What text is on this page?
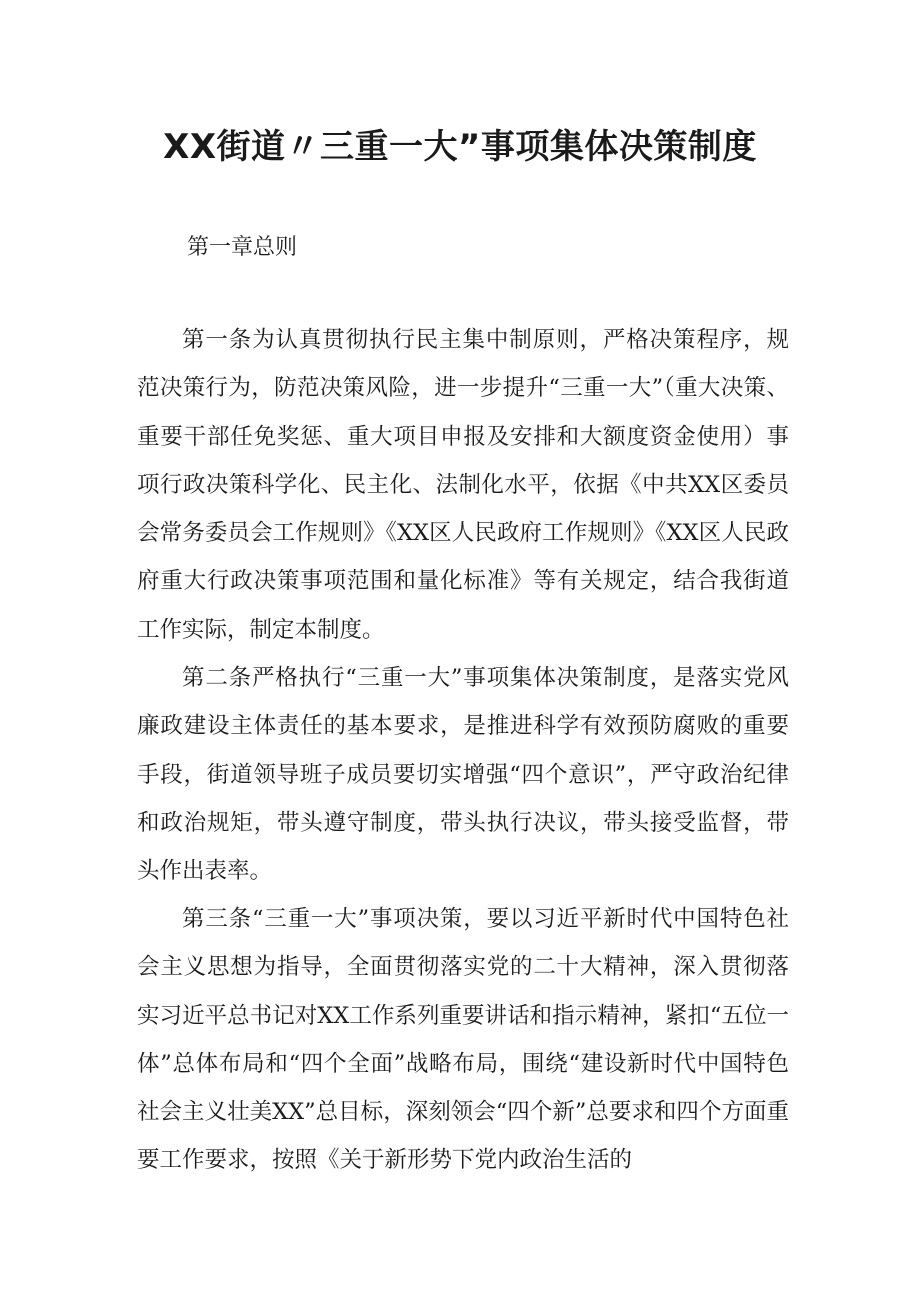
XX街道〃三重一大”事项集体决策制度

第一章总则

第一条为认真贯彻执行民主集中制原则，严格决策程序，规范决策行为，防范决策风险，进一步提升“三重一大”（重大决策、重要干部任免奖惩、重大项目申报及安排和大额度资金使用）事项行政决策科学化、民主化、法制化水平，依据《中共XX区委员会常务委员会工作规则》《XX区人民政府工作规则》《XX区人民政府重大行政决策事项范围和量化标准》等有关规定，结合我街道工作实际，制定本制度。

第二条严格执行“三重一大”事项集体决策制度，是落实党风廉政建设主体责任的基本要求，是推进科学有效预防腐败的重要手段，街道领导班子成员要切实增强“四个意识”，严守政治纪律和政治规矩，带头遵守制度，带头执行决议，带头接受监督，带头作出表率。

第三条“三重一大”事项决策，要以习近平新时代中国特色社会主义思想为指导，全面贯彻落实党的二十大精神，深入贯彻落实习近平总书记对XX工作系列重要讲话和指示精神，紧扣“五位一体”总体布局和“四个全面”战略布局，围绕“建设新时代中国特色社会主义壮美XX”总目标，深刻领会“四个新”总要求和四个方面重要工作要求，按照《关于新形势下党内政治生活的
